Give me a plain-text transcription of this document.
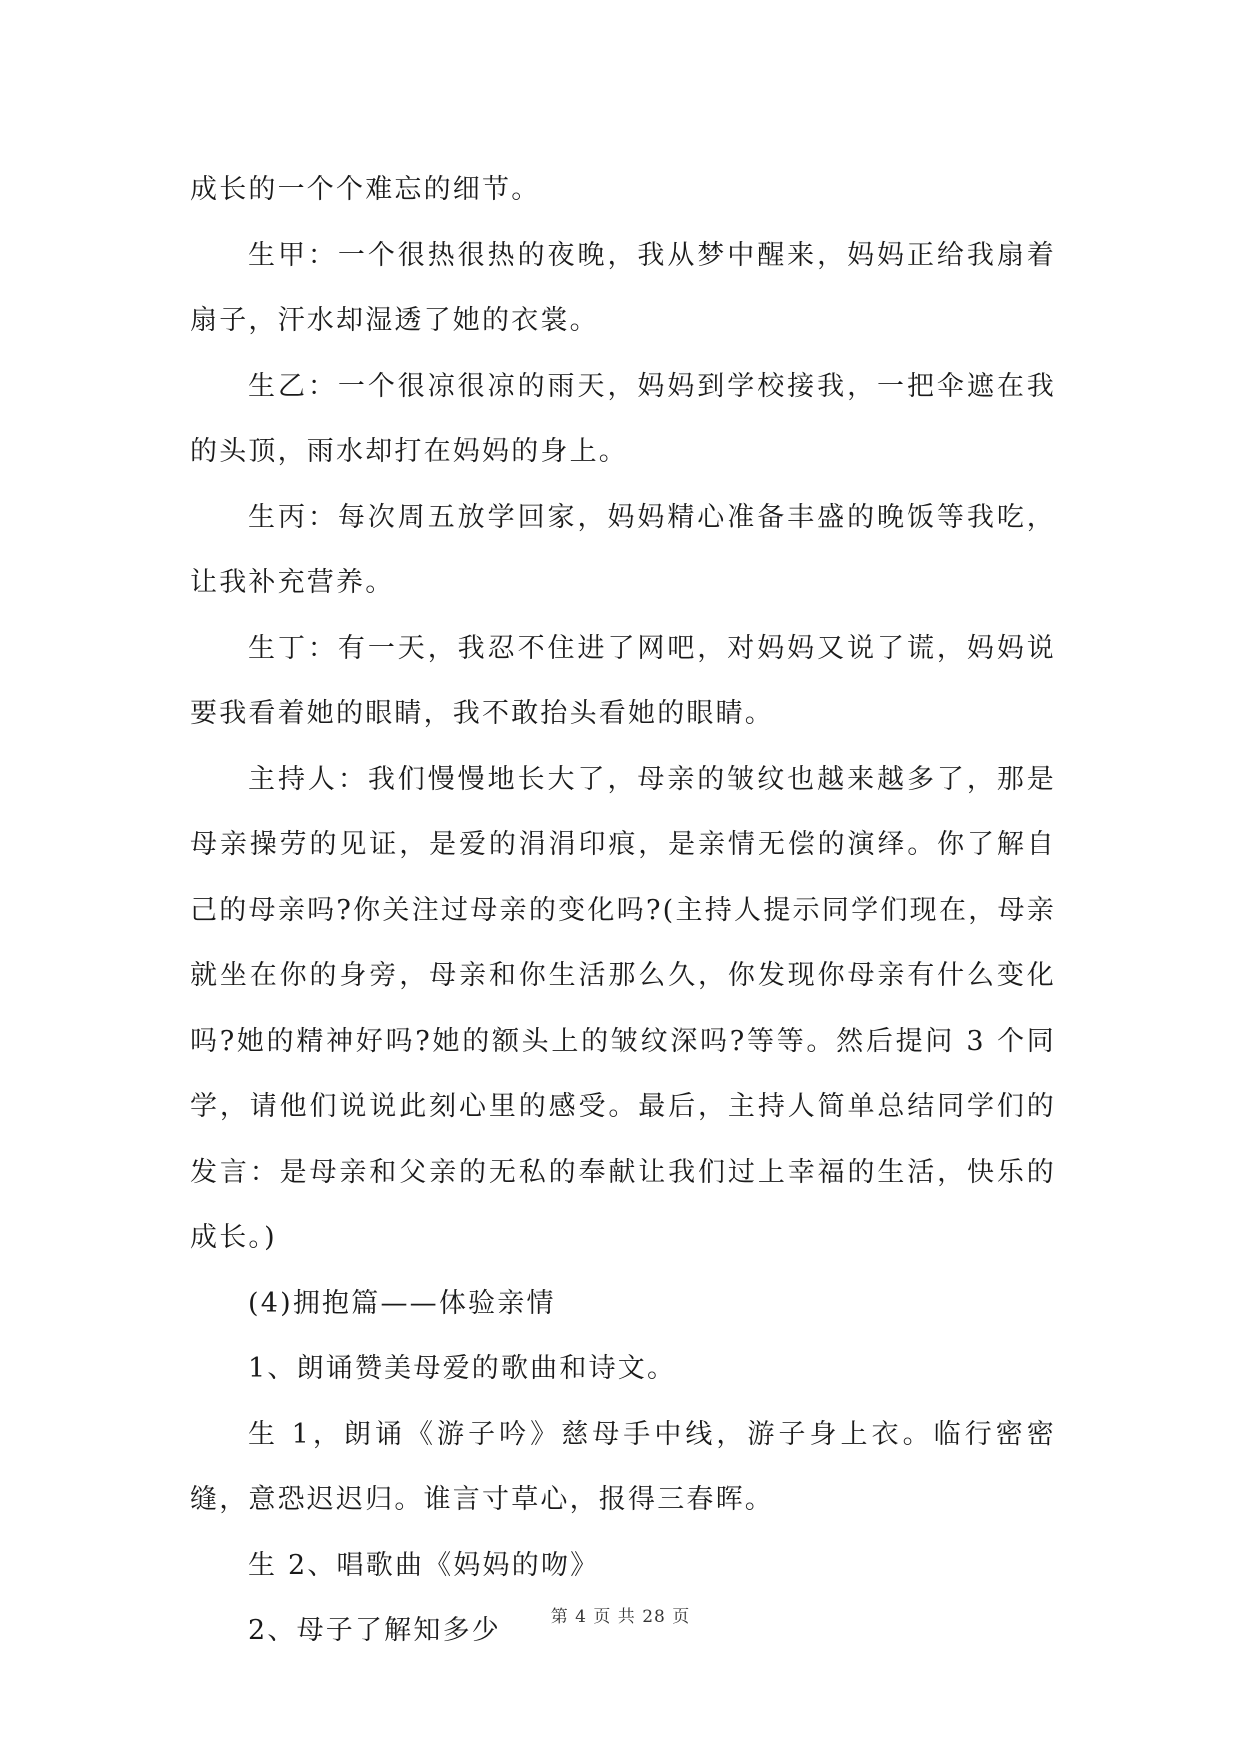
成长的一个个难忘的细节。

生甲：一个很热很热的夜晚，我从梦中醒来，妈妈正给我扇着扇子，汗水却湿透了她的衣裳。

生乙：一个很凉很凉的雨天，妈妈到学校接我，一把伞遮在我的头顶，雨水却打在妈妈的身上。

生丙：每次周五放学回家，妈妈精心准备丰盛的晚饭等我吃，让我补充营养。

生丁：有一天，我忍不住进了网吧，对妈妈又说了谎，妈妈说要我看着她的眼睛，我不敢抬头看她的眼睛。

主持人：我们慢慢地长大了，母亲的皱纹也越来越多了，那是母亲操劳的见证，是爱的涓涓印痕，是亲情无偿的演绎。你了解自己的母亲吗?你关注过母亲的变化吗?(主持人提示同学们现在，母亲就坐在你的身旁，母亲和你生活那么久，你发现你母亲有什么变化吗?她的精神好吗?她的额头上的皱纹深吗?等等。然后提问 3 个同学，请他们说说此刻心里的感受。最后，主持人简单总结同学们的发言：是母亲和父亲的无私的奉献让我们过上幸福的生活，快乐的成长。)

(4)拥抱篇——体验亲情

1、朗诵赞美母爱的歌曲和诗文。

生 1，朗诵《游子吟》慈母手中线，游子身上衣。临行密密缝，意恐迟迟归。谁言寸草心，报得三春晖。

生 2、唱歌曲《妈妈的吻》

2、母子了解知多少	第 4 页 共 28 页
